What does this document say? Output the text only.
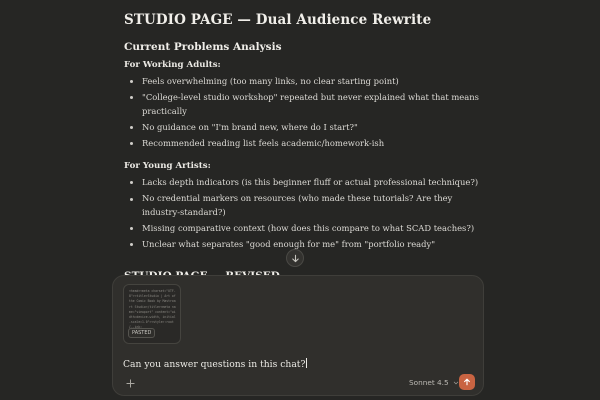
STUDIO PAGE — Dual Audience Rewrite
Current Problems Analysis
For Working Adults:
Feels overwhelming (too many links, no clear starting point)
"College-level studio workshop" repeated but never explained what that means practically
No guidance on "I'm brand new, where do I start?"
Recommended reading list feels academic/homework-ish
For Young Artists:
Lacks depth indicators (is this beginner fluff or actual professional technique?)
No credential markers on resources (who made these tutorials? Are they industry-standard?)
Missing comparative context (how does this compare to what SCAD teaches?)
Unclear what separates "good enough for me" from "portfolio ready"
<head><meta charset="UTF-8"><title>Studio | Art of the Comic Book by Mastroart Studio</title><meta name="viewport" content="width=device-width, initial-scale=1.0"><style>:root
PASTED
Can you answer questions in this chat?
Sonnet 4.5
